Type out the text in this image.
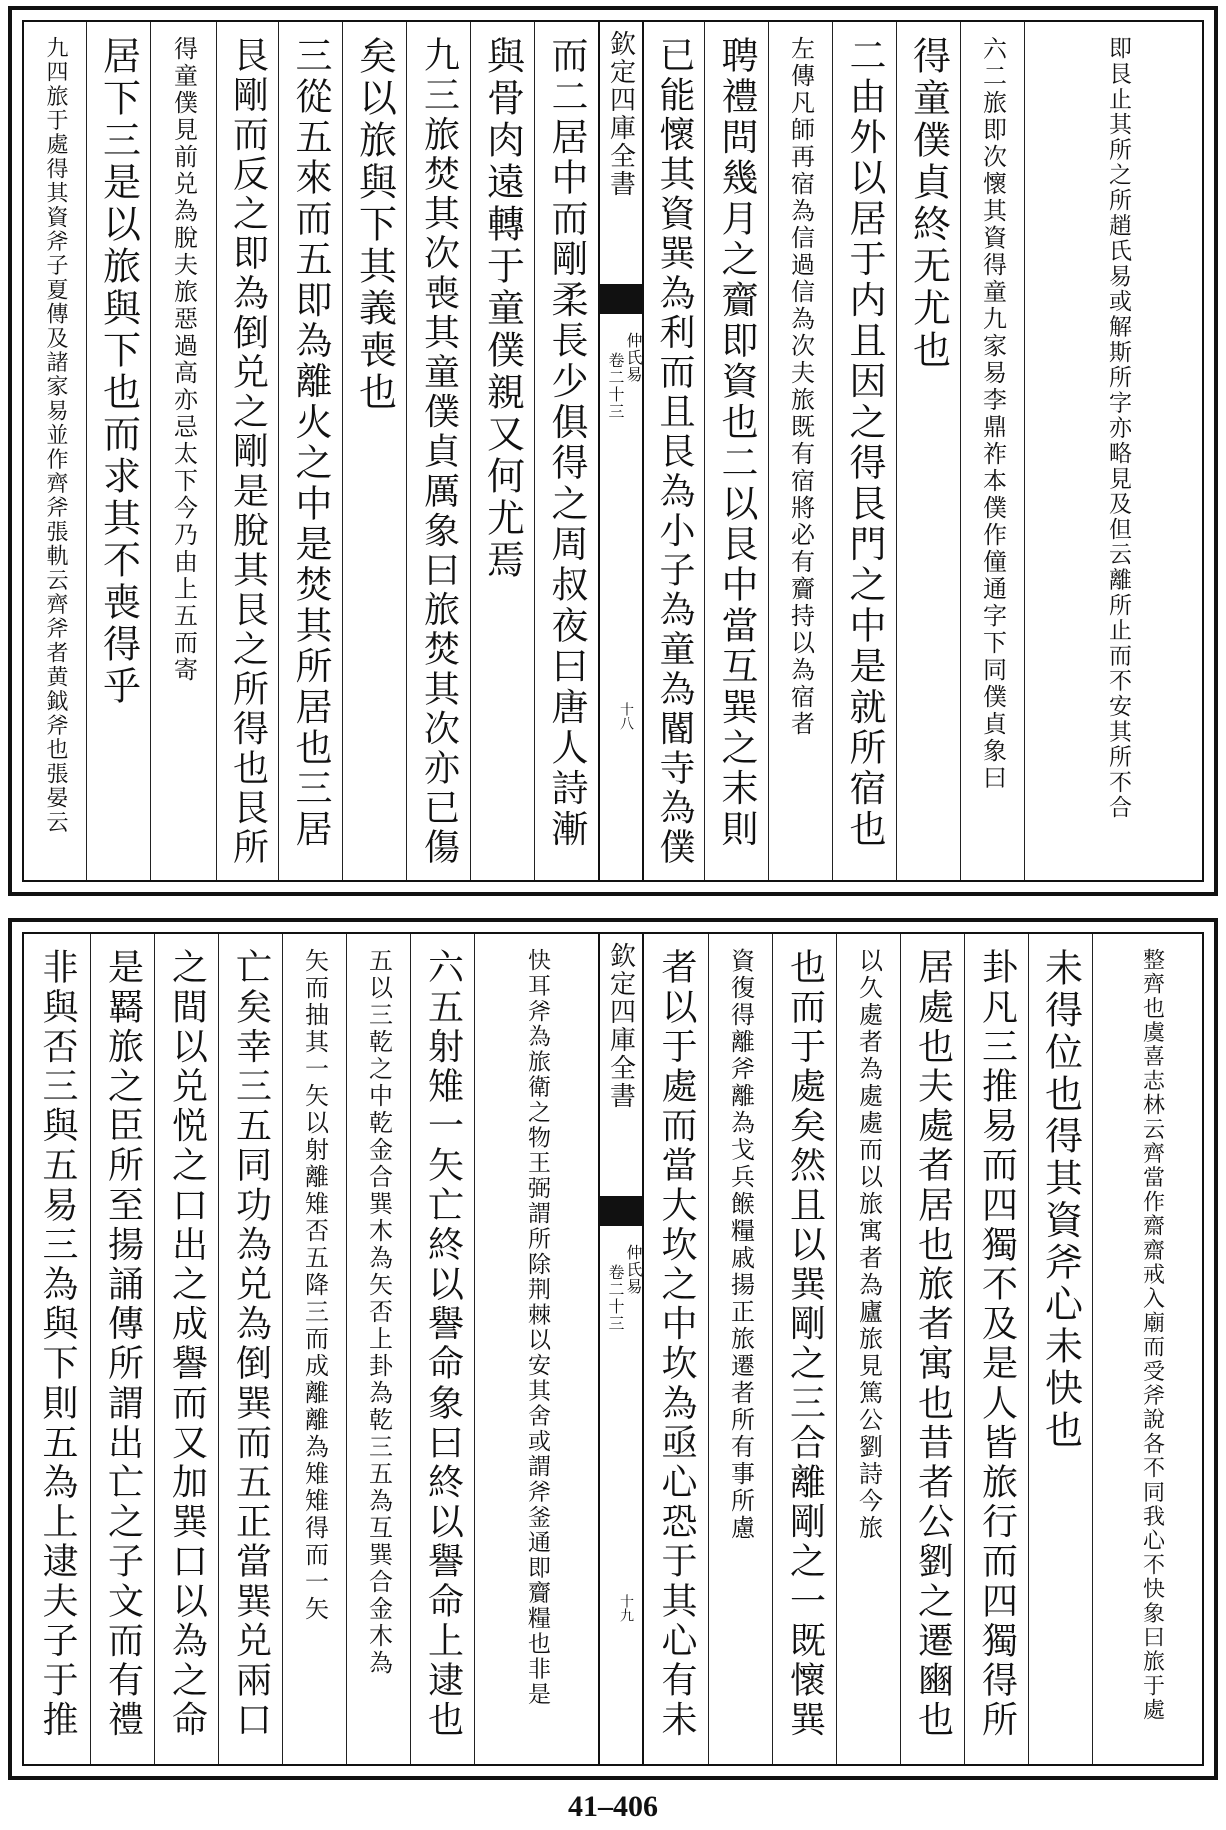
九四旅于處得其資斧子夏傳及諸家易並作齊斧張軌云齊斧者黄鉞斧也張晏云 居下三是以旅與下也而求其不喪得乎 得童僕見前兑為脫夫旅惡過高亦忌太下今乃由上五而寄 艮剛而反之即為倒兑之剛是脫其艮之所得也艮所 三從五來而五即為離火之中是焚其所居也三居 矣以旅與下其義喪也 九三旅焚其次喪其童僕貞厲象曰旅焚其次亦已傷 與骨肉遠轉于童僕親又何尤焉 而二居中而剛柔長少俱得之周叔夜曰唐人詩漸 欽定四庫全書
仲氏易
卷二十三
十八 已能懷其資巽為利而且艮為小子為童為閽寺為僕 聘禮問幾月之齎即資也二以艮中當互巽之末則 左傳凡師再宿為信過信為次夫旅既有宿將必有齎持以為宿者 二由外以居于内且因之得艮門之中是就所宿也 得童僕貞終无尤也 六二旅即次懷其資得童九家易李鼎祚本僕作僮通字下同僕貞象曰	即艮止其所之所趙氏易或解斯所字亦略見及但云離所止而不安其所不合
非與否三與五易三為與下則五為上逮夫子于推 是羇旅之臣所至揚誦傳所謂出亡之子文而有禮 之間以兑悦之口出之成譽而又加巽口以為之命 亡矣幸三五同功為兑為倒巽而五正當巽兑兩口 矢而抽其一矢以射離雉否五降三而成離離為雉雉得而一矢 五以三乾之中乾金合巽木為矢否上卦為乾三五為互巽合金木為 六五射雉一矢亡終以譽命象曰終以譽命上逮也	快耳斧為旅衛之物王弼謂所除荆棘以安其舍或謂斧釜通即齎糧也非是 欽定四庫全書
仲氏易
卷二十三
十九 者以于處而當大坎之中坎為亟心恐于其心有未 資復得離斧離為戈兵餱糧戚揚正旅遷者所有事所慮 也而于處矣然且以巽剛之三合離剛之一既懷巽 以久處者為處處而以旅寓者為廬旅見篤公劉詩今旅 居處也夫處者居也旅者寓也昔者公劉之遷豳也 卦凡三推易而四獨不及是人皆旅行而四獨得所 未得位也得其資斧心未快也	整齊也虞喜志林云齊當作齋齋戒入廟而受斧說各不同我心不快象曰旅于處
41–406
